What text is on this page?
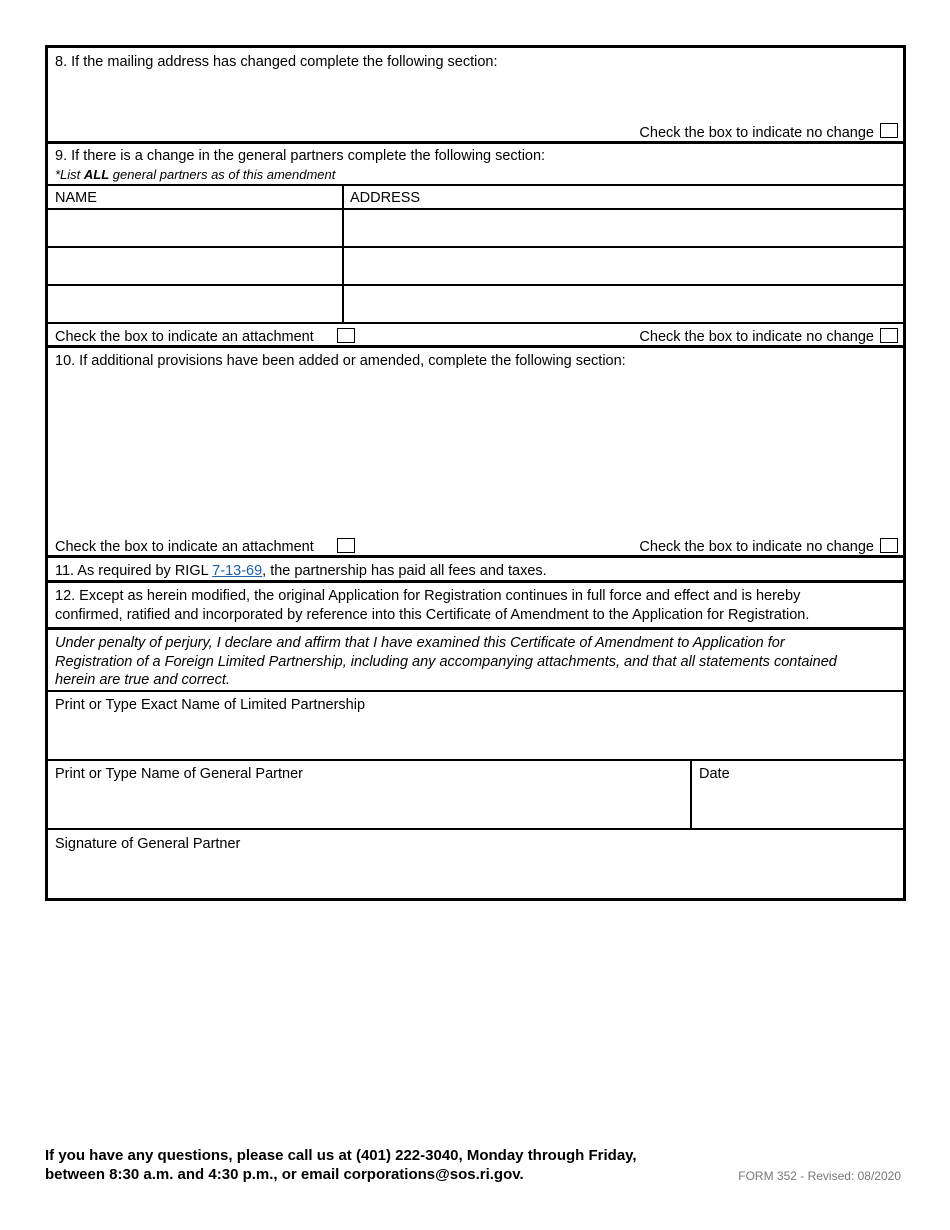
8. If the mailing address has changed complete the following section:
Check the box to indicate no change
9. If there is a change in the general partners complete the following section:
*List ALL general partners as of this amendment
NAME	ADDRESS
Check the box to indicate an attachment	Check the box to indicate no change
10. If additional provisions have been added or amended, complete the following section:
Check the box to indicate an attachment	Check the box to indicate no change
11. As required by RIGL 7-13-69, the partnership has paid all fees and taxes.
12. Except as herein modified, the original Application for Registration continues in full force and effect and is hereby
confirmed, ratified and incorporated by reference into this Certificate of Amendment to the Application for Registration.
Under penalty of perjury, I declare and affirm that I have examined this Certificate of Amendment to Application for
Registration of a Foreign Limited Partnership, including any accompanying attachments, and that all statements contained
herein are true and correct.
Print or Type Exact Name of Limited Partnership
Print or Type Name of General Partner	Date
Signature of General Partner
If you have any questions, please call us at (401) 222-3040, Monday through Friday,
between 8:30 a.m. and 4:30 p.m., or email corporations@sos.ri.gov.	FORM 352 - Revised: 08/2020
